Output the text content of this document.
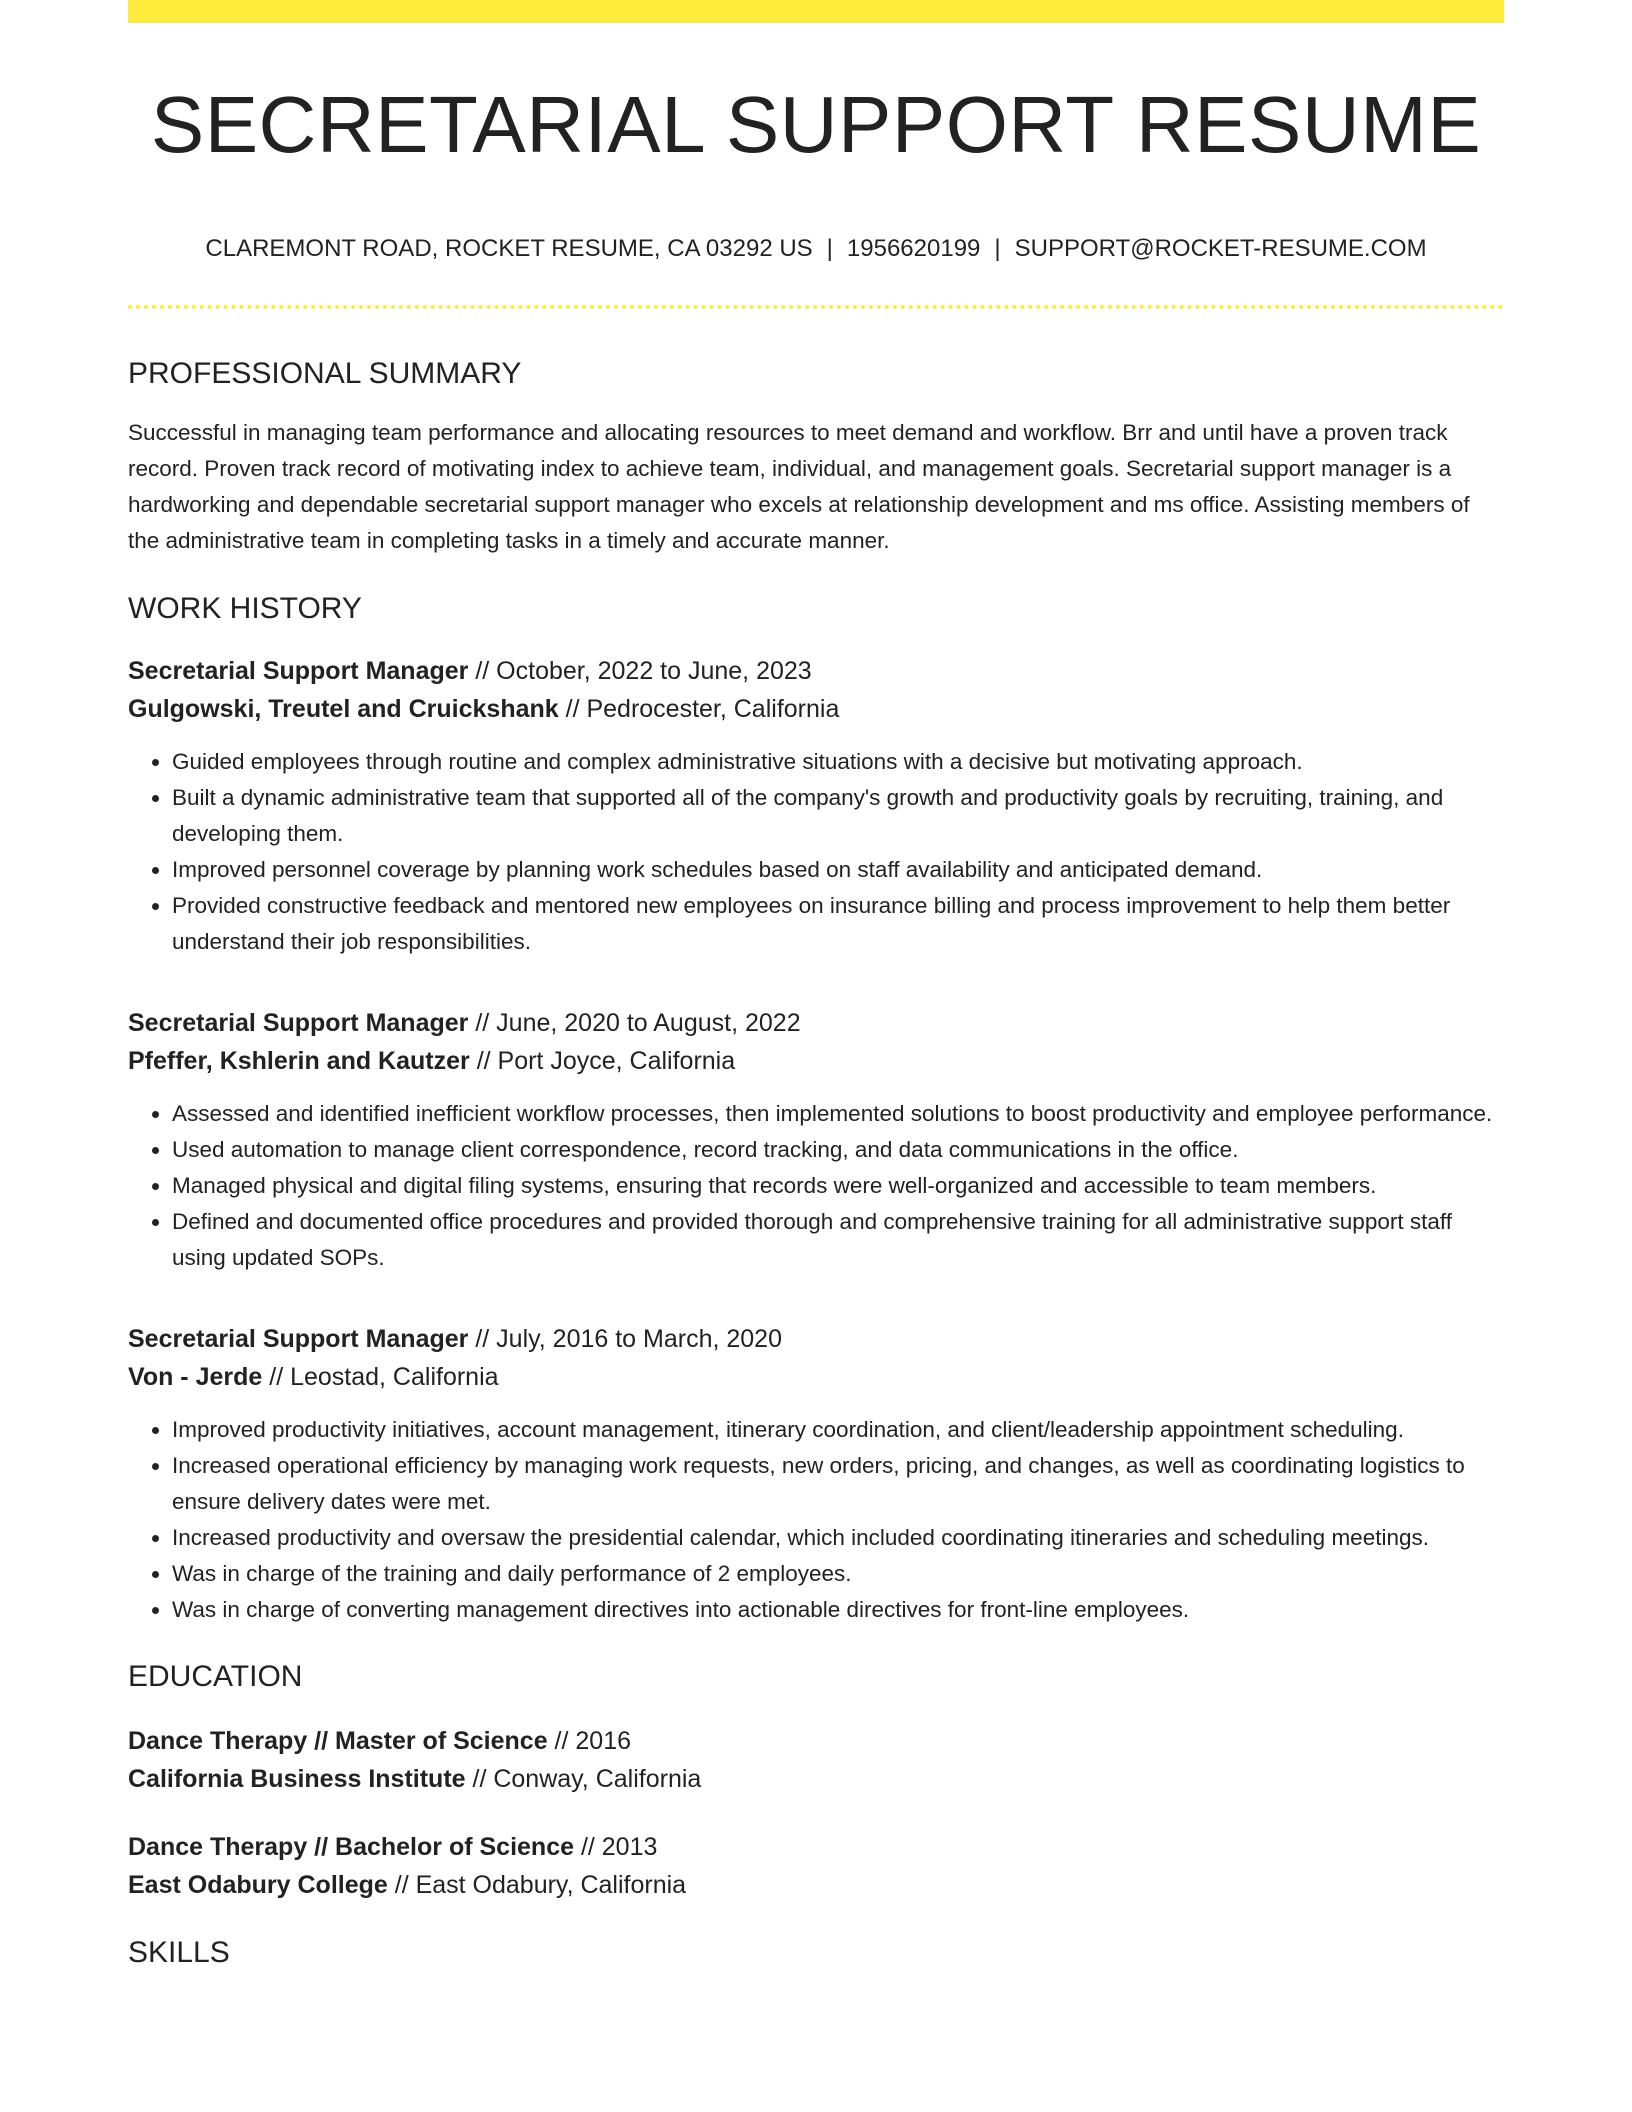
SECRETARIAL SUPPORT RESUME
CLAREMONT ROAD, ROCKET RESUME, CA 03292 US | 1956620199 | SUPPORT@ROCKET-RESUME.COM
PROFESSIONAL SUMMARY

Successful in managing team performance and allocating resources to meet demand and workflow. Brr and until have a proven track record. Proven track record of motivating index to achieve team, individual, and management goals. Secretarial support manager is a hardworking and dependable secretarial support manager who excels at relationship development and ms office. Assisting members of the administrative team in completing tasks in a timely and accurate manner.

WORK HISTORY
Secretarial Support Manager // October, 2022 to June, 2023
Gulgowski, Treutel and Cruickshank // Pedrocester, California
• Guided employees through routine and complex administrative situations with a decisive but motivating approach.
• Built a dynamic administrative team that supported all of the company's growth and productivity goals by recruiting, training, and developing them.
• Improved personnel coverage by planning work schedules based on staff availability and anticipated demand.
• Provided constructive feedback and mentored new employees on insurance billing and process improvement to help them better understand their job responsibilities.
Secretarial Support Manager // June, 2020 to August, 2022
Pfeffer, Kshlerin and Kautzer // Port Joyce, California
• Assessed and identified inefficient workflow processes, then implemented solutions to boost productivity and employee performance.
• Used automation to manage client correspondence, record tracking, and data communications in the office.
• Managed physical and digital filing systems, ensuring that records were well-organized and accessible to team members.
• Defined and documented office procedures and provided thorough and comprehensive training for all administrative support staff using updated SOPs.
Secretarial Support Manager // July, 2016 to March, 2020
Von - Jerde // Leostad, California
• Improved productivity initiatives, account management, itinerary coordination, and client/leadership appointment scheduling.
• Increased operational efficiency by managing work requests, new orders, pricing, and changes, as well as coordinating logistics to ensure delivery dates were met.
• Increased productivity and oversaw the presidential calendar, which included coordinating itineraries and scheduling meetings.
• Was in charge of the training and daily performance of 2 employees.
• Was in charge of converting management directives into actionable directives for front-line employees.
EDUCATION
Dance Therapy // Master of Science // 2016
California Business Institute // Conway, California
Dance Therapy // Bachelor of Science // 2013
East Odabury College // East Odabury, California
SKILLS
